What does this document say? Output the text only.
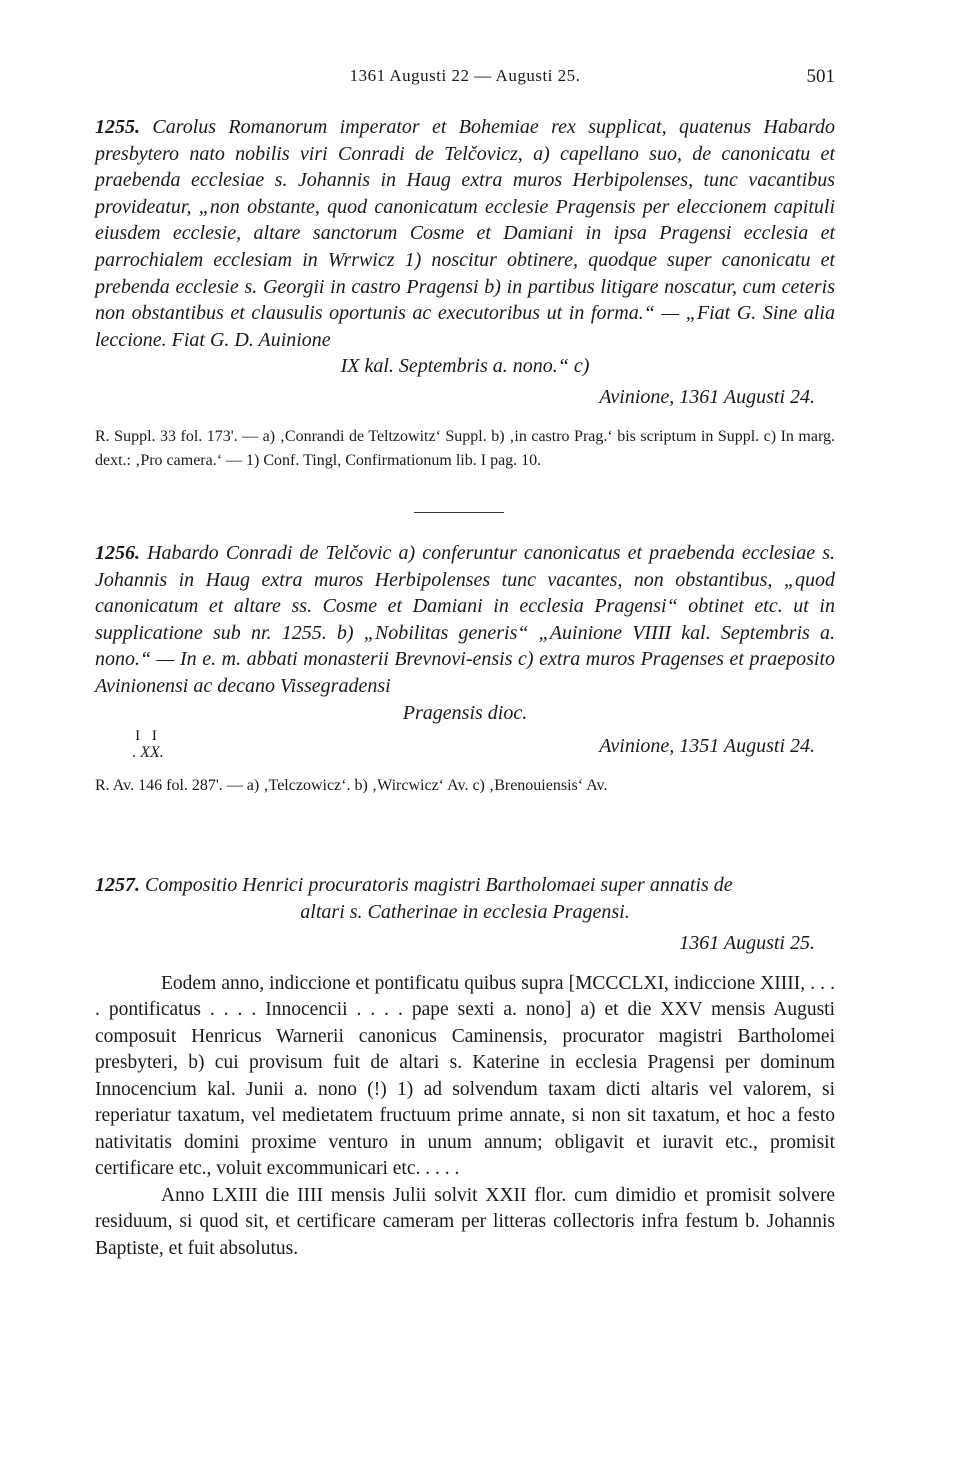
1361 Augusti 22 — Augusti 25.	501

1255. Carolus Romanorum imperator et Bohemiae rex supplicat, quatenus Habardo presbytero nato nobilis viri Conradi de Telčovicz, a) capellano suo, de canonicatu et praebenda ecclesiae s. Johannis in Haug extra muros Herbipolenses, tunc vacantibus provideatur, „non obstante, quod canonicatum ecclesie Pragensis per eleccionem capituli eiusdem ecclesie, altare sanctorum Cosme et Damiani in ipsa Pragensi ecclesia et parrochialem ecclesiam in Wrrwicz 1) noscitur obtinere, quodque super canonicatu et prebenda ecclesie s. Georgii in castro Pragensi b) in partibus litigare noscatur, cum ceteris non obstantibus et clausulis oportunis ac executoribus ut in forma.“ — „Fiat G. Sine alia leccione. Fiat G. D. Auinione

IX kal. Septembris a. nono.“ c)
Avinione, 1361 Augusti 24.

R. Suppl. 33 fol. 173'. — a) ‚Conrandi de Teltzowitz‘ Suppl. b) ‚in castro Prag.‘ bis scriptum in Suppl. c) In marg. dext.: ‚Pro camera.‘ — 1) Conf. Tingl, Confirmationum lib. I pag. 10.

1256. Habardo Conradi de Telčovic a) conferuntur canonicatus et praebenda ecclesiae s. Johannis in Haug extra muros Herbipolenses tunc vacantes, non obstantibus, „quod canonicatum et altare ss. Cosme et Damiani in ecclesia Pragensi“ obtinet etc. ut in supplicatione sub nr. 1255. b) „Nobilitas generis“ „Auinione VIIII kal. Septembris a. nono.“ — In e. m. abbati monasterii Brevnovi-ensis c) extra muros Pragenses et praeposito Avinionensi ac decano Vissegradensi

Pragensis dioc.
Avinione, 1351 Augusti 24.

R. Av. 146 fol. 287'. — a) ‚Telczowicz‘. b) ‚Wircwicz‘ Av. c) ‚Brenouiensis‘ Av.

I I
. XX.

1257. Compositio Henrici procuratoris magistri Bartholomaei super annatis de

altari s. Catherinae in ecclesia Pragensi.
1361 Augusti 25.

Eodem anno, indiccione et pontificatu quibus supra [MCCCLXI, indiccione XIIII, . . . . pontificatus . . . . Innocencii . . . . pape sexti a. nono] a) et die XXV mensis Augusti composuit Henricus Warnerii canonicus Caminensis, procurator magistri Bartholomei presbyteri, b) cui provisum fuit de altari s. Katerine in ecclesia Pragensi per dominum Innocencium kal. Junii a. nono (!) 1) ad solvendum taxam dicti altaris vel valorem, si reperiatur taxatum, vel medietatem fructuum prime annate, si non sit taxatum, et hoc a festo nativitatis domini proxime venturo in unum annum; obligavit et iuravit etc., promisit certificare etc., voluit excommunicari etc. . . . .

Anno LXIII die IIII mensis Julii solvit XXII flor. cum dimidio et promisit solvere residuum, si quod sit, et certificare cameram per litteras collectoris infra festum b. Johannis Baptiste, et fuit absolutus.
